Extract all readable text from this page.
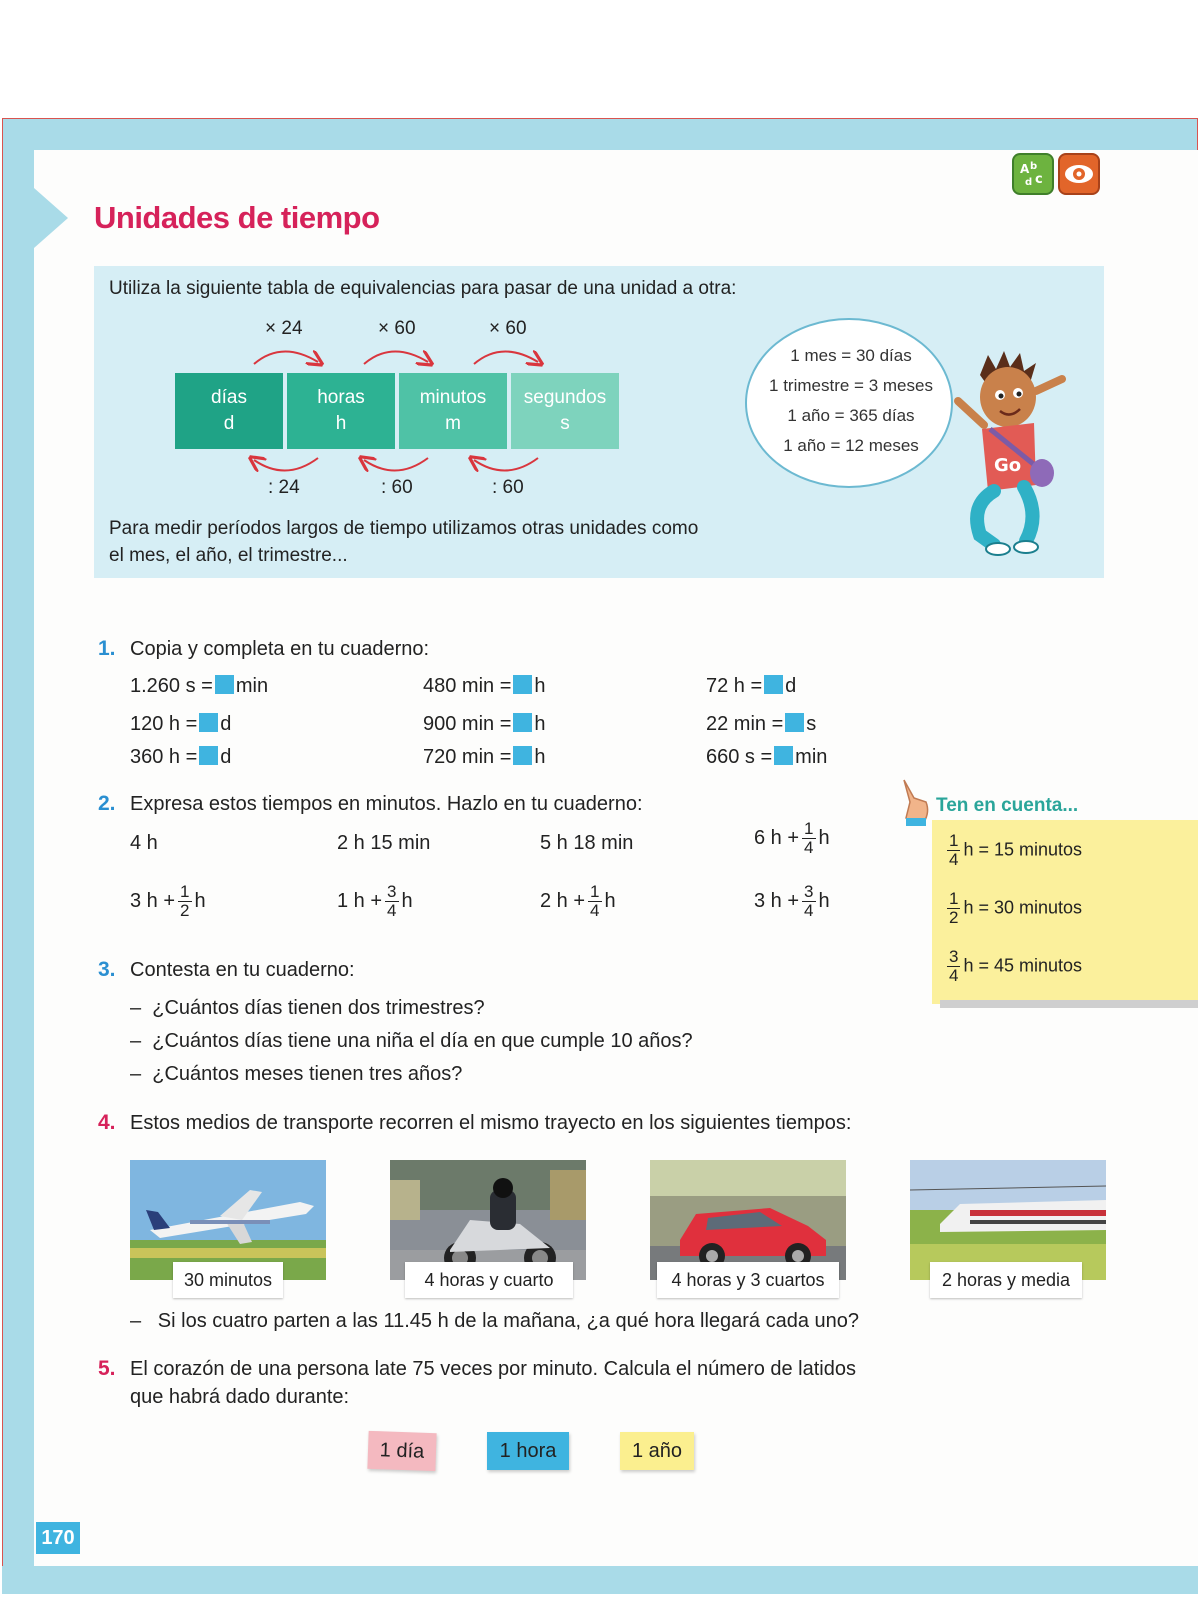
Unidades de tiempo
A b
d c
Utiliza la siguiente tabla de equivalencias para pasar de una unidad a otra:
× 24	× 60	× 60
días
d
horas
h
minutos
m
segundos
s
: 24	: 60	: 60
1 mes = 30 días
1 trimestre = 3 meses
1 año = 365 días
1 año = 12 meses
Go
Para medir períodos largos de tiempo utilizamos otras unidades como
el mes, el año, el trimestre...
1. Copia y completa en tu cuaderno:
1.260 s = min	480 min = h	72 h = d
120 h = d	900 min = h	22 min = s
360 h = d	720 min = h	660 s = min
2. Expresa estos tiempos en minutos. Hazlo en tu cuaderno:
4 h	2 h 15 min	5 h 18 min	6 $h + \frac{1}{4}$ h
3 $h + \frac{1}{2}$ h	1 $h + \frac{3}{4}$ h	2 $h + \frac{1}{4}$ h	3 $h + \frac{3}{4}$ h
Ten en cuenta...
$\frac{1}{4}$ h = 15 minutos
$\frac{1}{2}$ h = 30 minutos
$\frac{3}{4}$ h = 45 minutos
3. Contesta en tu cuaderno:
– ¿Cuántos días tienen dos trimestres?
– ¿Cuántos días tiene una niña el día en que cumple 10 años?
– ¿Cuántos meses tienen tres años?
4. Estos medios de transporte recorren el mismo trayecto en los siguientes tiempos:
30 minutos	4 horas y cuarto	4 horas y 3 cuartos	2 horas y media
– Si los cuatro parten a las 11.45 h de la mañana, ¿a qué hora llegará cada uno?
5. El corazón de una persona late 75 veces por minuto. Calcula el número de latidos
que habrá dado durante:
1 día	1 hora	1 año
170
